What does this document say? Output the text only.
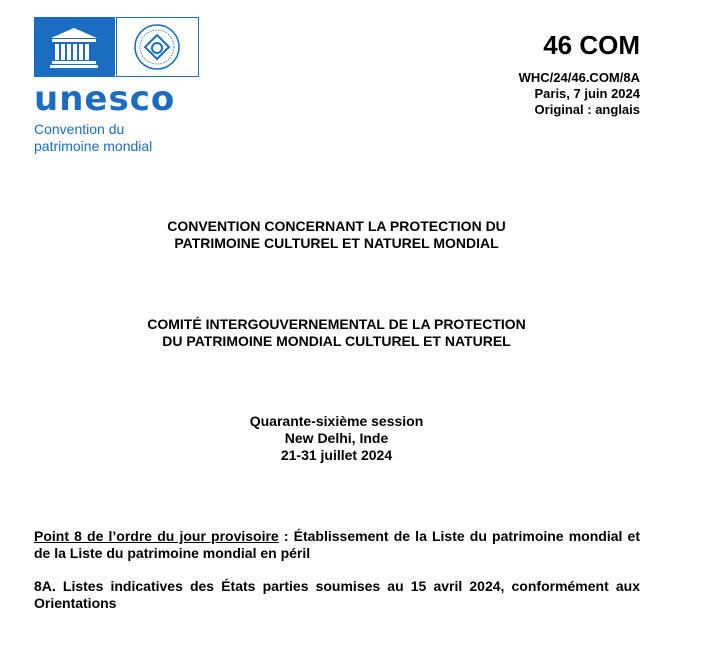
unesco
Convention du
patrimoine mondial
46 COM
WHC/24/46.COM/8A
Paris, 7 juin 2024
Original : anglais
CONVENTION CONCERNANT LA PROTECTION DU
PATRIMOINE CULTUREL ET NATUREL MONDIAL
COMITÉ INTERGOUVERNEMENTAL DE LA PROTECTION
DU PATRIMOINE MONDIAL CULTUREL ET NATUREL
Quarante-sixième session
New Delhi, Inde
21-31 juillet 2024
Point 8 de l’ordre du jour provisoire : Établissement de la Liste du patrimoine mondial et de la Liste du patrimoine mondial en péril
8A. Listes indicatives des États parties soumises au 15 avril 2024, conformément aux Orientations
